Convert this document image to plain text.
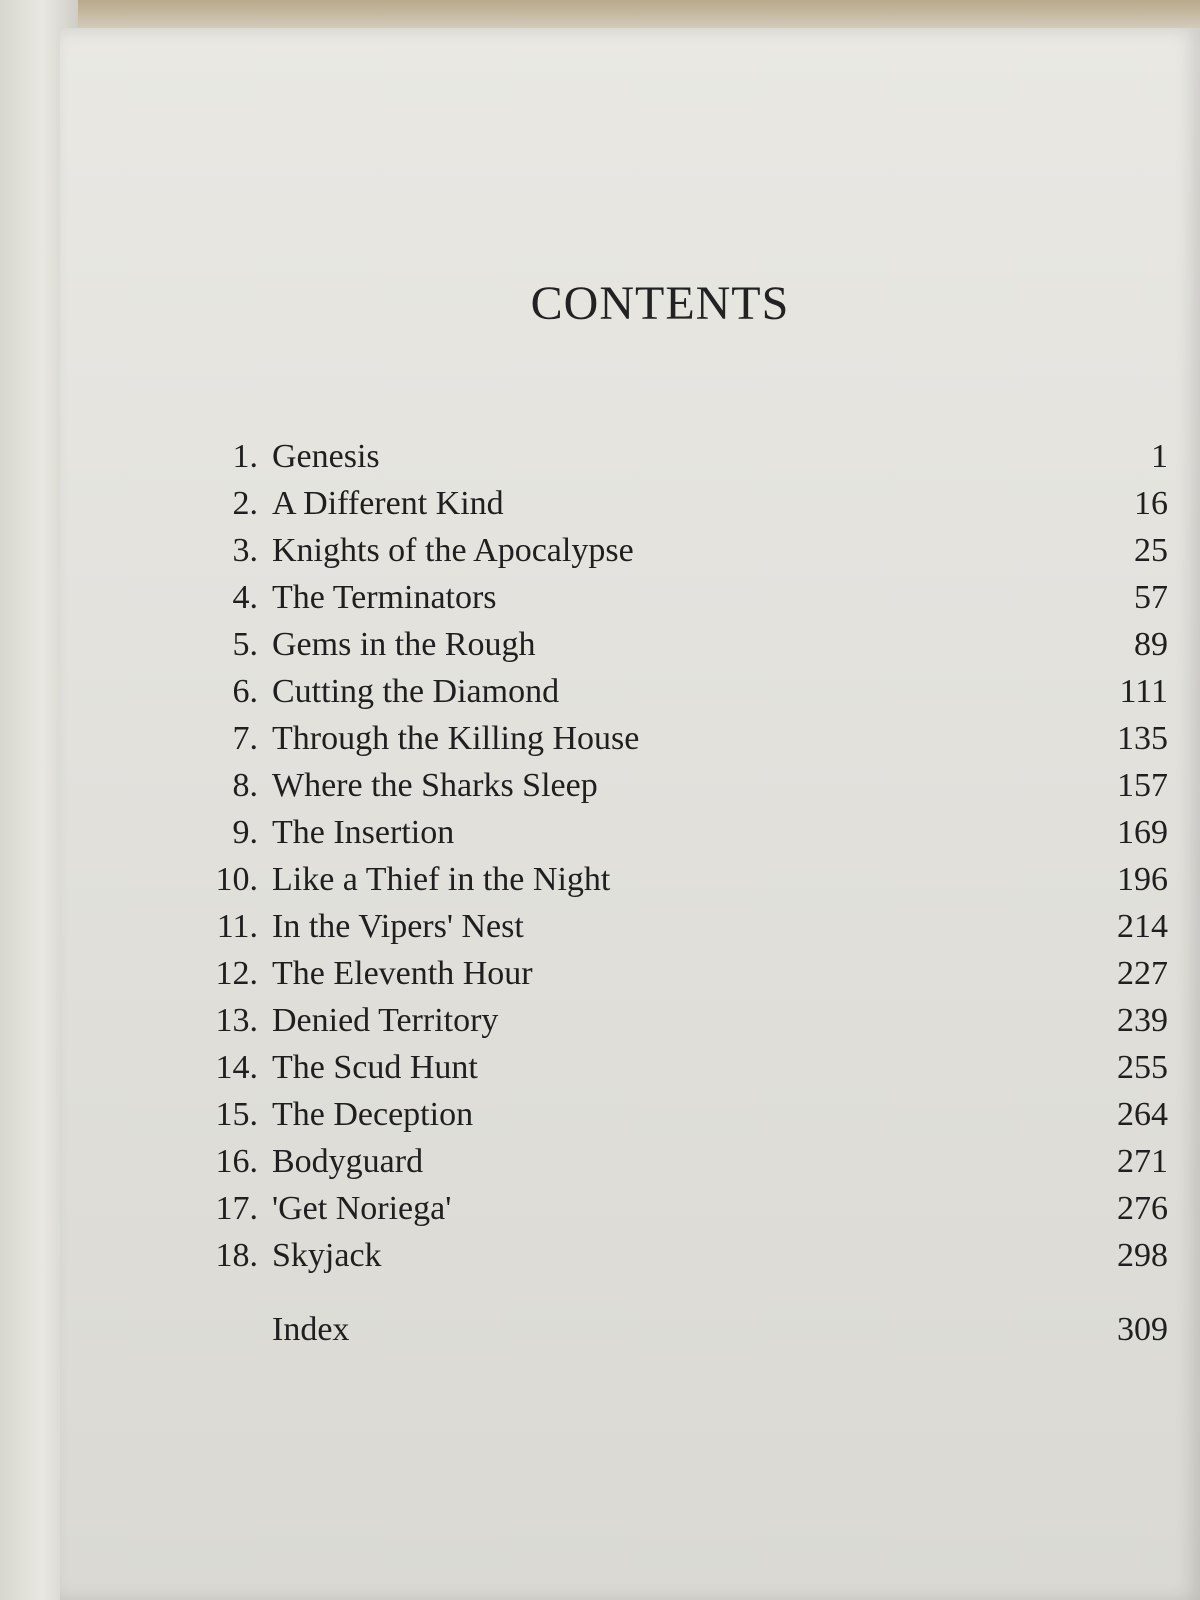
CONTENTS
1. Genesis	1
2. A Different Kind	16
3. Knights of the Apocalypse	25
4. The Terminators	57
5. Gems in the Rough	89
6. Cutting the Diamond	111
7. Through the Killing House	135
8. Where the Sharks Sleep	157
9. The Insertion	169
10. Like a Thief in the Night	196
11. In the Vipers' Nest	214
12. The Eleventh Hour	227
13. Denied Territory	239
14. The Scud Hunt	255
15. The Deception	264
16. Bodyguard	271
17. 'Get Noriega'	276
18. Skyjack	298
Index	309
